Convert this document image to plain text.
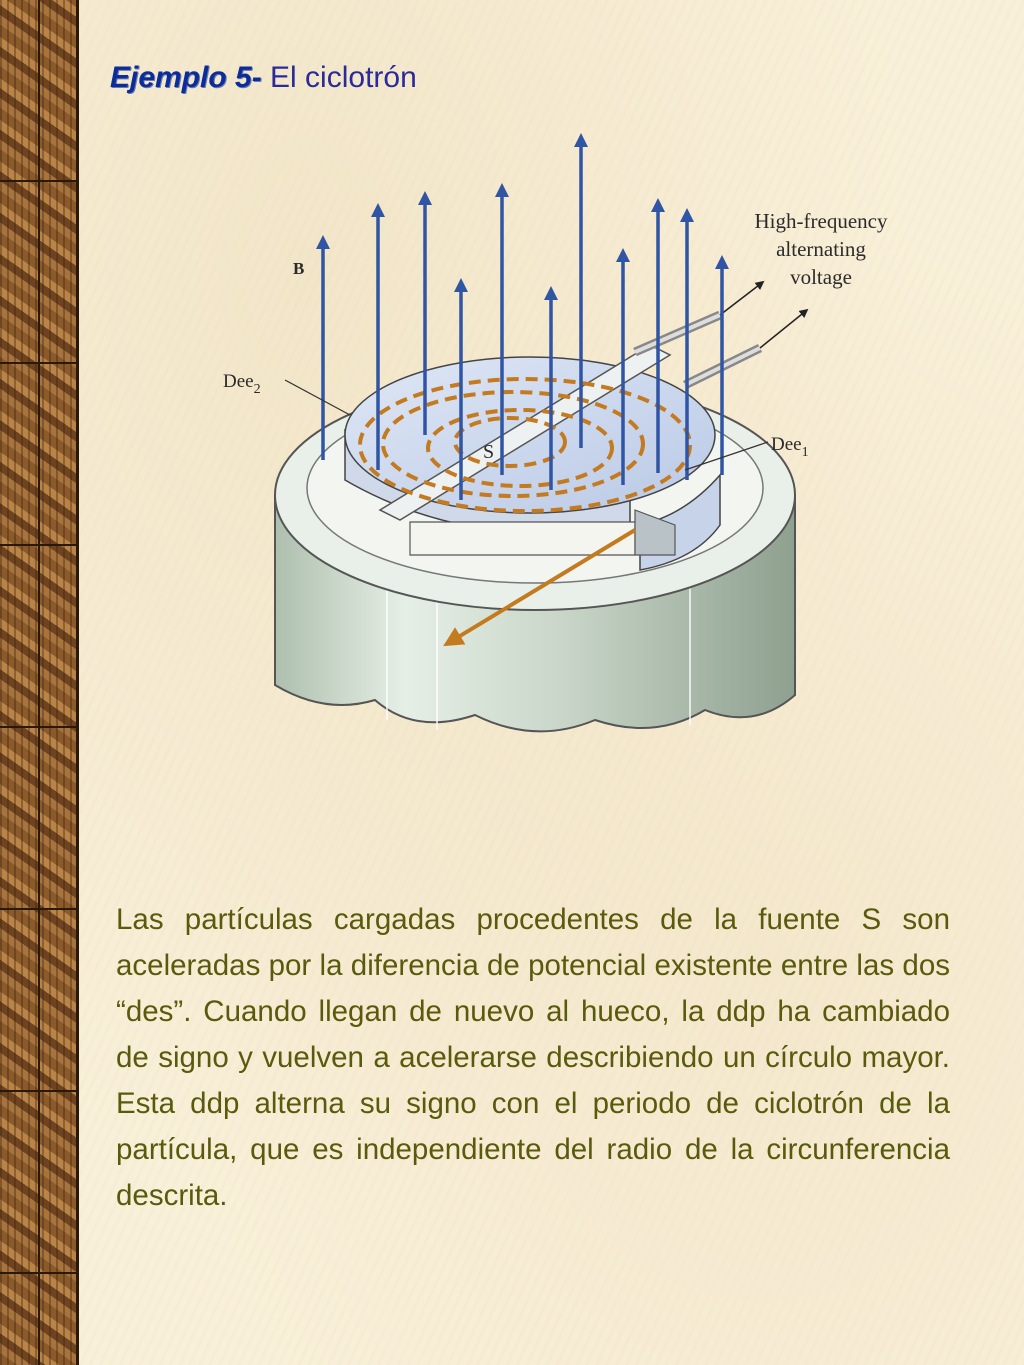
Ejemplo 5- El ciclotrón
B
Dee$_2$
Dee$_1$
S
High-frequency
alternating
voltage

Las partículas cargadas procedentes de la fuente S son aceleradas por la diferencia de potencial existente entre las dos “des”. Cuando llegan de nuevo al hueco, la ddp ha cambiado de signo y vuelven a acelerarse describiendo un círculo mayor. Esta ddp alterna su signo con el periodo de ciclotrón de la partícula, que es independiente del radio de la circunferencia descrita.
